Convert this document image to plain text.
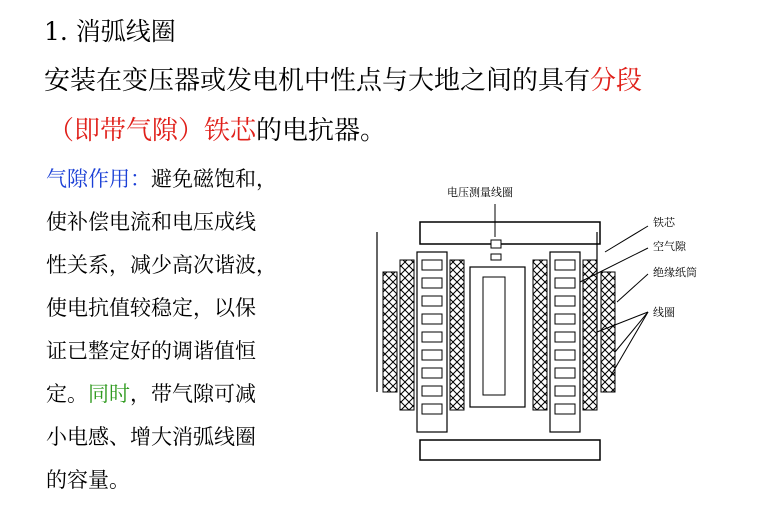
1. 消弧线圈
安装在变压器或发电机中性点与大地之间的具有分段
（即带气隙）铁芯的电抗器。
气隙作用：避免磁饱和，
使补偿电流和电压成线
性关系，减少高次谐波，
使电抗值较稳定，以保
证已整定好的调谐值恒
定。同时，带气隙可减
小电感、增大消弧线圈
的容量。
电压测量线圈
铁芯
空气隙
绝缘纸筒
线圈
